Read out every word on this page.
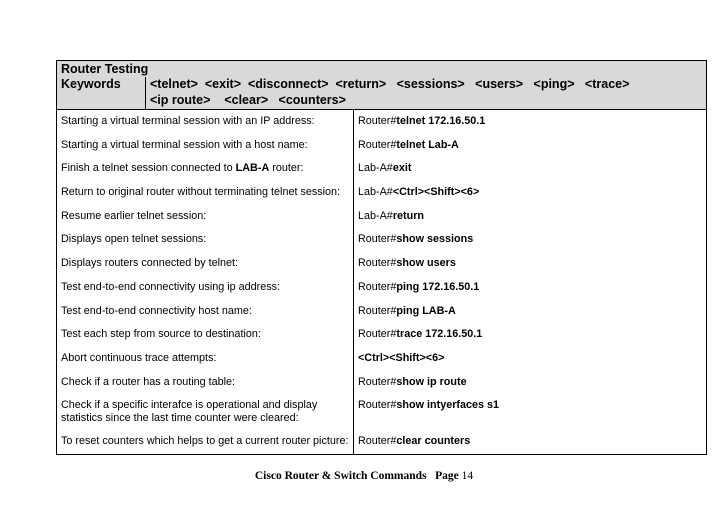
Router Testing
Keywords	<telnet>  <exit>  <disconnect>  <return>   <sessions>   <users>   <ping>   <trace>
<ip route>    <clear>   <counters>
Starting a virtual terminal session with an IP address:	Router#telnet 172.16.50.1
Starting a virtual terminal session with a host name:	Router#telnet Lab-A
Finish a telnet session connected to LAB-A router:	Lab-A#exit
Return to original router without terminating telnet session:	Lab-A#<Ctrl><Shift><6>
Resume earlier telnet session:	Lab-A#return
Displays open telnet sessions:	Router#show sessions
Displays routers connected by telnet:	Router#show users
Test end-to-end connectivity using ip address:	Router#ping 172.16.50.1
Test end-to-end connectivity host name:	Router#ping LAB-A
Test each step from source to destination:	Router#trace 172.16.50.1
Abort continuous trace attempts:	<Ctrl><Shift><6>
Check if a router has a routing table:	Router#show ip route
Check if a specific interafce is operational and display
statistics since the last time counter were cleared:
Router#show intyerfaces s1
To reset counters which helps to get a current router picture: Router#clear counters
Cisco Router & Switch Commands   Page 14
